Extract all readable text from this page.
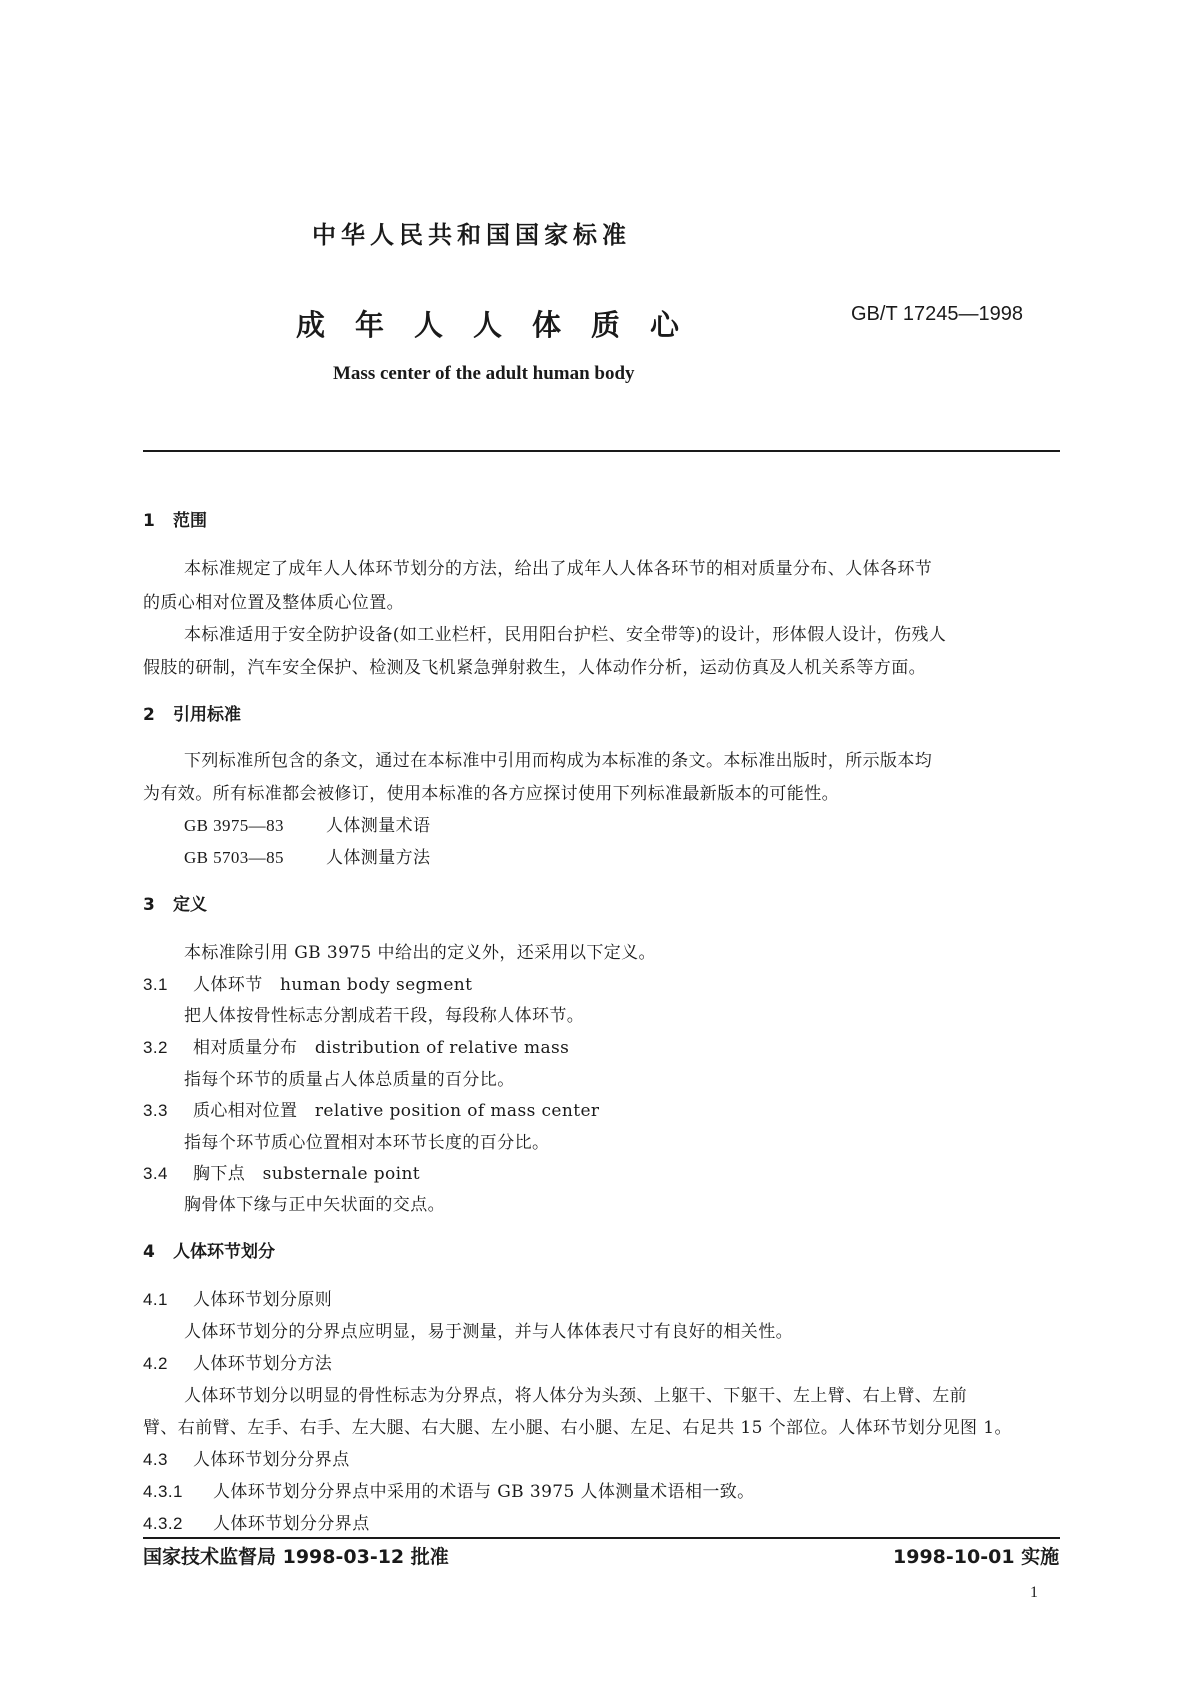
中华人民共和国国家标准
成年人人体质心	GB/T 17245—1998
Mass center of the adult human body
1 范围
本标准规定了成年人人体环节划分的方法，给出了成年人人体各环节的相对质量分布、人体各环节
的质心相对位置及整体质心位置。
本标准适用于安全防护设备(如工业栏杆，民用阳台护栏、安全带等)的设计，形体假人设计，伤残人
假肢的研制，汽车安全保护、检测及飞机紧急弹射救生，人体动作分析，运动仿真及人机关系等方面。
2 引用标准
下列标准所包含的条文，通过在本标准中引用而构成为本标准的条文。本标准出版时，所示版本均
为有效。所有标准都会被修订，使用本标准的各方应探讨使用下列标准最新版本的可能性。
GB 3975—83 人体测量术语
GB 5703—85 人体测量方法
3 定义
本标准除引用 GB 3975 中给出的定义外，还采用以下定义。
3.1 人体环节 human body segment
把人体按骨性标志分割成若干段，每段称人体环节。
3.2 相对质量分布 distribution of relative mass
指每个环节的质量占人体总质量的百分比。
3.3 质心相对位置 relative position of mass center
指每个环节质心位置相对本环节长度的百分比。
3.4 胸下点 substernale point
胸骨体下缘与正中矢状面的交点。
4 人体环节划分
4.1 人体环节划分原则
人体环节划分的分界点应明显，易于测量，并与人体体表尺寸有良好的相关性。
4.2 人体环节划分方法
人体环节划分以明显的骨性标志为分界点，将人体分为头颈、上躯干、下躯干、左上臂、右上臂、左前
臂、右前臂、左手、右手、左大腿、右大腿、左小腿、右小腿、左足、右足共 15 个部位。人体环节划分见图 1。
4.3 人体环节划分分界点
4.3.1 人体环节划分分界点中采用的术语与 GB 3975 人体测量术语相一致。
4.3.2 人体环节划分分界点
国家技术监督局 1998-03-12 批准	1998-10-01 实施
1
